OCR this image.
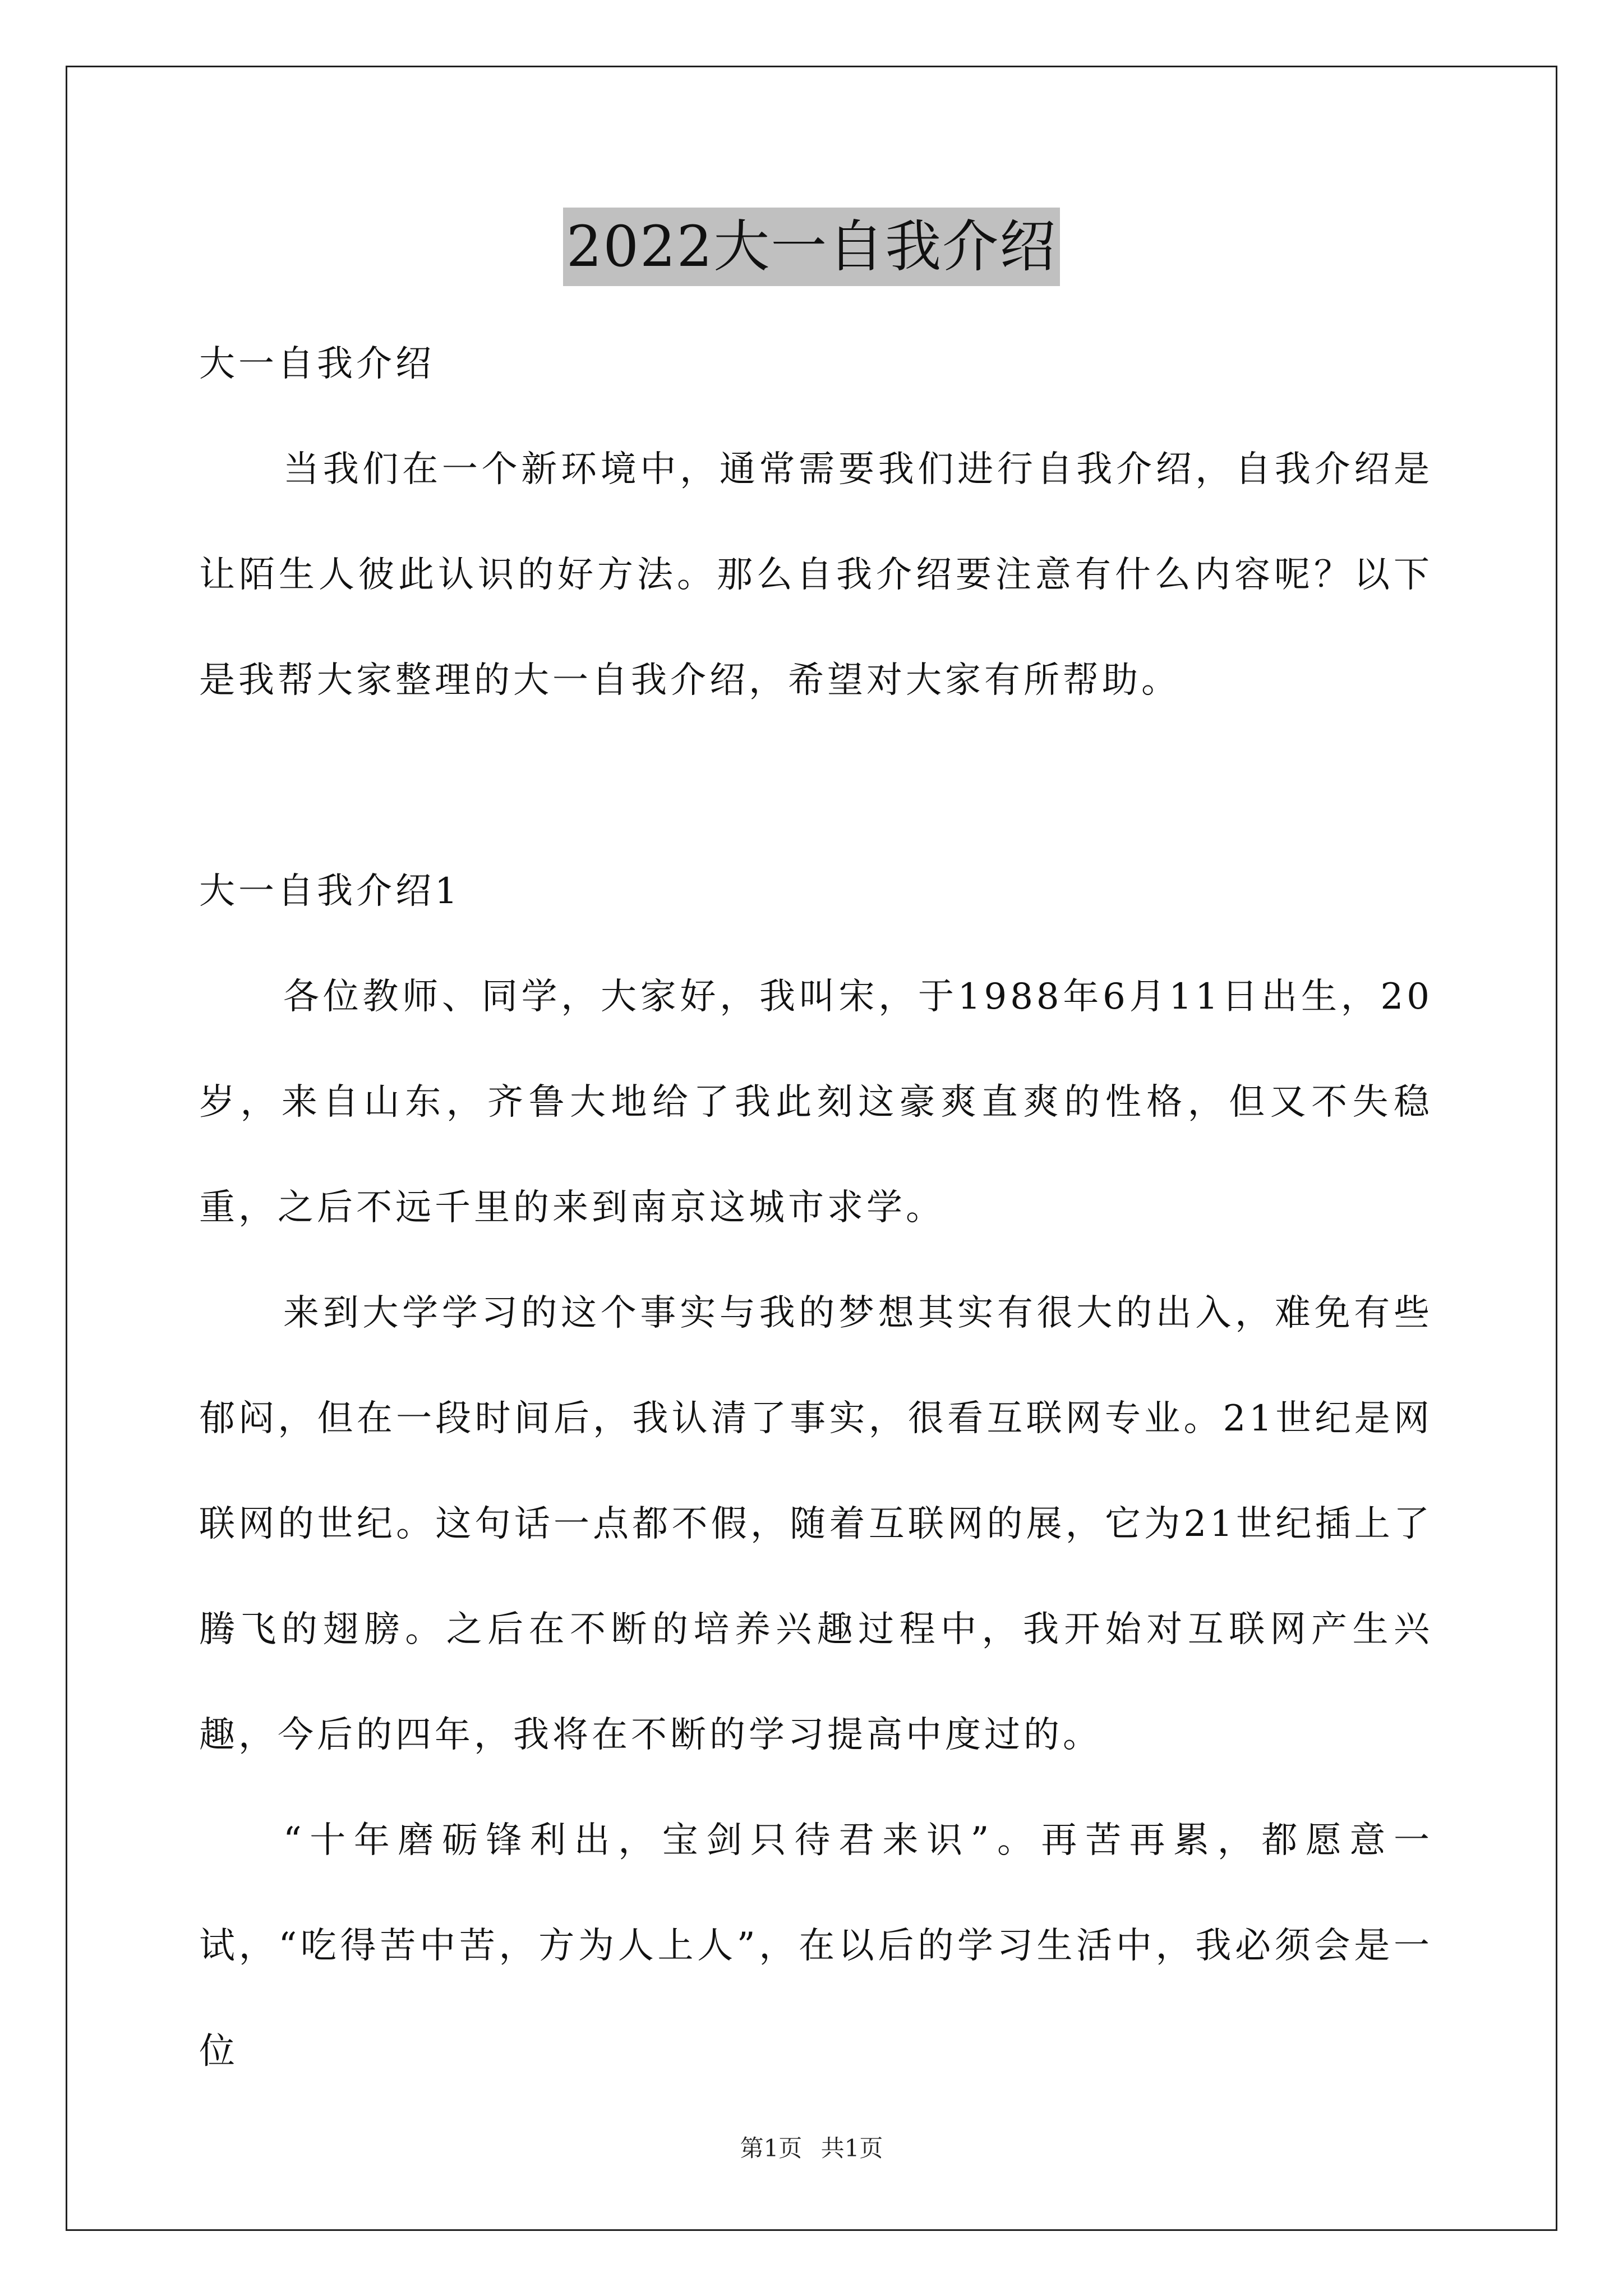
2022大一自我介绍

大一自我介绍

当我们在一个新环境中，通常需要我们进行自我介绍，自我介绍是让陌生人彼此认识的好方法。那么自我介绍要注意有什么内容呢？以下是我帮大家整理的大一自我介绍，希望对大家有所帮助。

大一自我介绍1

各位教师、同学，大家好，我叫宋，于1988年6月11日出生，20岁，来自山东，齐鲁大地给了我此刻这豪爽直爽的性格，但又不失稳重，之后不远千里的来到南京这城市求学。

来到大学学习的这个事实与我的梦想其实有很大的出入，难免有些郁闷，但在一段时间后，我认清了事实，很看互联网专业。21世纪是网联网的世纪。这句话一点都不假，随着互联网的展，它为21世纪插上了腾飞的翅膀。之后在不断的培养兴趣过程中，我开始对互联网产生兴趣，今后的四年，我将在不断的学习提高中度过的。

“十年磨砺锋利出，宝剑只待君来识”。再苦再累，都愿意一试，“吃得苦中苦，方为人上人”，在以后的学习生活中，我必须会是一位

第1页 共1页
